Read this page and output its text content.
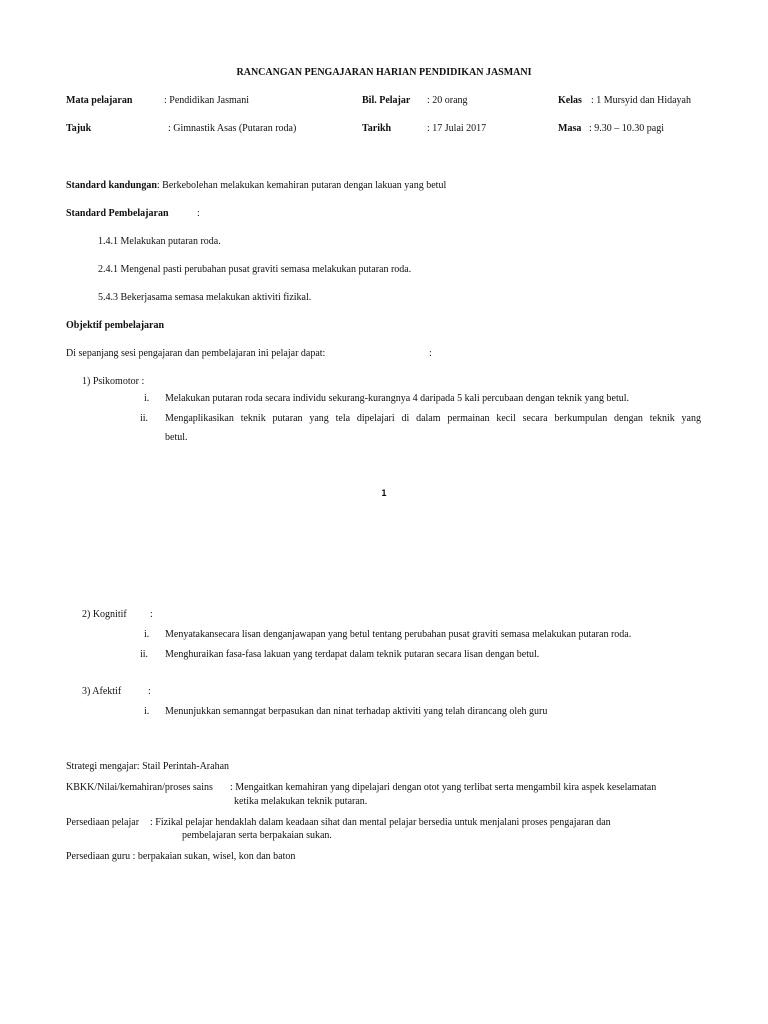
RANCANGAN PENGAJARAN HARIAN PENDIDIKAN JASMANI
Mata pelajaran	: Pendidikan Jasmani	Bil. Pelajar : 20 orang	Kelas : 1 Mursyid dan Hidayah
Tajuk	: Gimnastik Asas (Putaran roda)	Tarikh	: 17 Julai 2017	Masa : 9.30 – 10.30 pagi
Standard kandungan: Berkebolehan melakukan kemahiran putaran dengan lakuan yang betul
Standard Pembelajaran	:
1.4.1 Melakukan putaran roda.
2.4.1 Mengenal pasti perubahan pusat graviti semasa melakukan putaran roda.
5.4.3 Bekerjasama semasa melakukan aktiviti fizikal.
Objektif pembelajaran
Di sepanjang sesi pengajaran dan pembelajaran ini pelajar dapat:	:
1) Psikomotor :
i. Melakukan putaran roda secara individu sekurang-kurangnya 4 daripada 5 kali percubaan dengan teknik yang betul.
ii. Mengaplikasikan teknik putaran yang tela dipelajari di dalam permainan kecil secara berkumpulan dengan teknik yang
betul.
1
2) Kognitif :
i. Menyatakansecara lisan denganjawapan yang betul tentang perubahan pusat graviti semasa melakukan putaran roda.
ii. Menghuraikan fasa-fasa lakuan yang terdapat dalam teknik putaran secara lisan dengan betul.
3) Afektif	:
i. Menunjukkan semanngat berpasukan dan ninat terhadap aktiviti yang telah dirancang oleh guru
Strategi mengajar: Stail Perintah-Arahan
KBKK/Nilai/kemahiran/proses sains : Mengaitkan kemahiran yang dipelajari dengan otot yang terlibat serta mengambil kira aspek keselamatan
ketika melakukan teknik putaran.
Persediaan pelajar : Fizikal pelajar hendaklah dalam keadaan sihat dan mental pelajar bersedia untuk menjalani proses pengajaran dan
pembelajaran serta berpakaian sukan.
Persediaan guru : berpakaian sukan, wisel, kon dan baton
